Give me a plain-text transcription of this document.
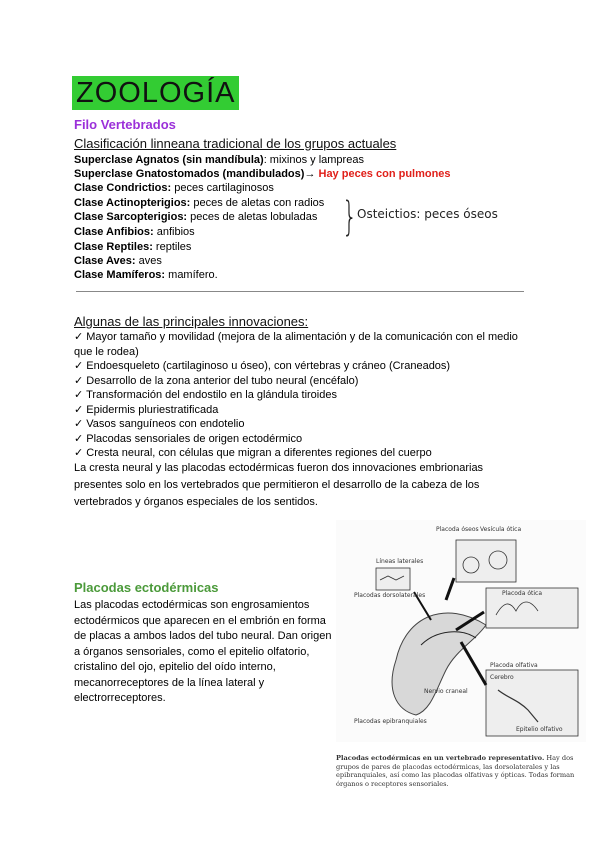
ZOOLOGÍA
Filo Vertebrados
Clasificación linneana tradicional de los grupos actuales
Superclase Agnatos (sin mandíbula): mixinos y lampreas
Superclase Gnatostomados (mandibulados)→ Hay peces con pulmones
Clase Condrictios: peces cartilaginosos
Clase Actinopterigios: peces de aletas con radios
Clase Sarcopterigios: peces de aletas lobuladas
Clase Anfibios: anfibios
Clase Reptiles: reptiles
Clase Aves: aves
Clase Mamíferos: mamífero.
} Osteictios: peces óseos
Algunas de las principales innovaciones:
✓ Mayor tamaño y movilidad (mejora de la alimentación y de la comunicación con el medio que le rodea)
✓ Endoesqueleto (cartilaginoso u óseo), con vértebras y cráneo (Craneados)
✓ Desarrollo de la zona anterior del tubo neural (encéfalo)
✓ Transformación del endostilo en la glándula tiroides
✓ Epidermis pluriestratificada
✓ Vasos sanguíneos con endotelio
✓ Placodas sensoriales de origen ectodérmico
✓ Cresta neural, con células que migran a diferentes regiones del cuerpo
La cresta neural y las placodas ectodérmicas fueron dos innovaciones embrionarias presentes solo en los vertebrados que permitieron el desarrollo de la cabeza de los vertebrados y órganos especiales de los sentidos.
Placodas ectodérmicas
Las placodas ectodérmicas son engrosamientos ectodérmicos que aparecen en el embrión en forma de placas a ambos lados del tubo neural. Dan origen a órganos sensoriales, como el epitelio olfatorio, cristalino del ojo, epitelio del oído interno, mecanorreceptores de la línea lateral y electrorreceptores.
Placoda óseos Vesícula ótica
Líneas laterales
Placodas dorsolaterales	Placoda ótica
Placoda olfativa
Cerebro
Nervio craneal
Placodas epibranquiales
Epitelio olfativo
Placodas ectodérmicas en un vertebrado representativo. Hay dos grupos de pares de placodas ectodérmicas, las dorsolaterales y las epibranquiales, así como las placodas olfativas y ópticas. Todas forman órganos o receptores sensoriales.
